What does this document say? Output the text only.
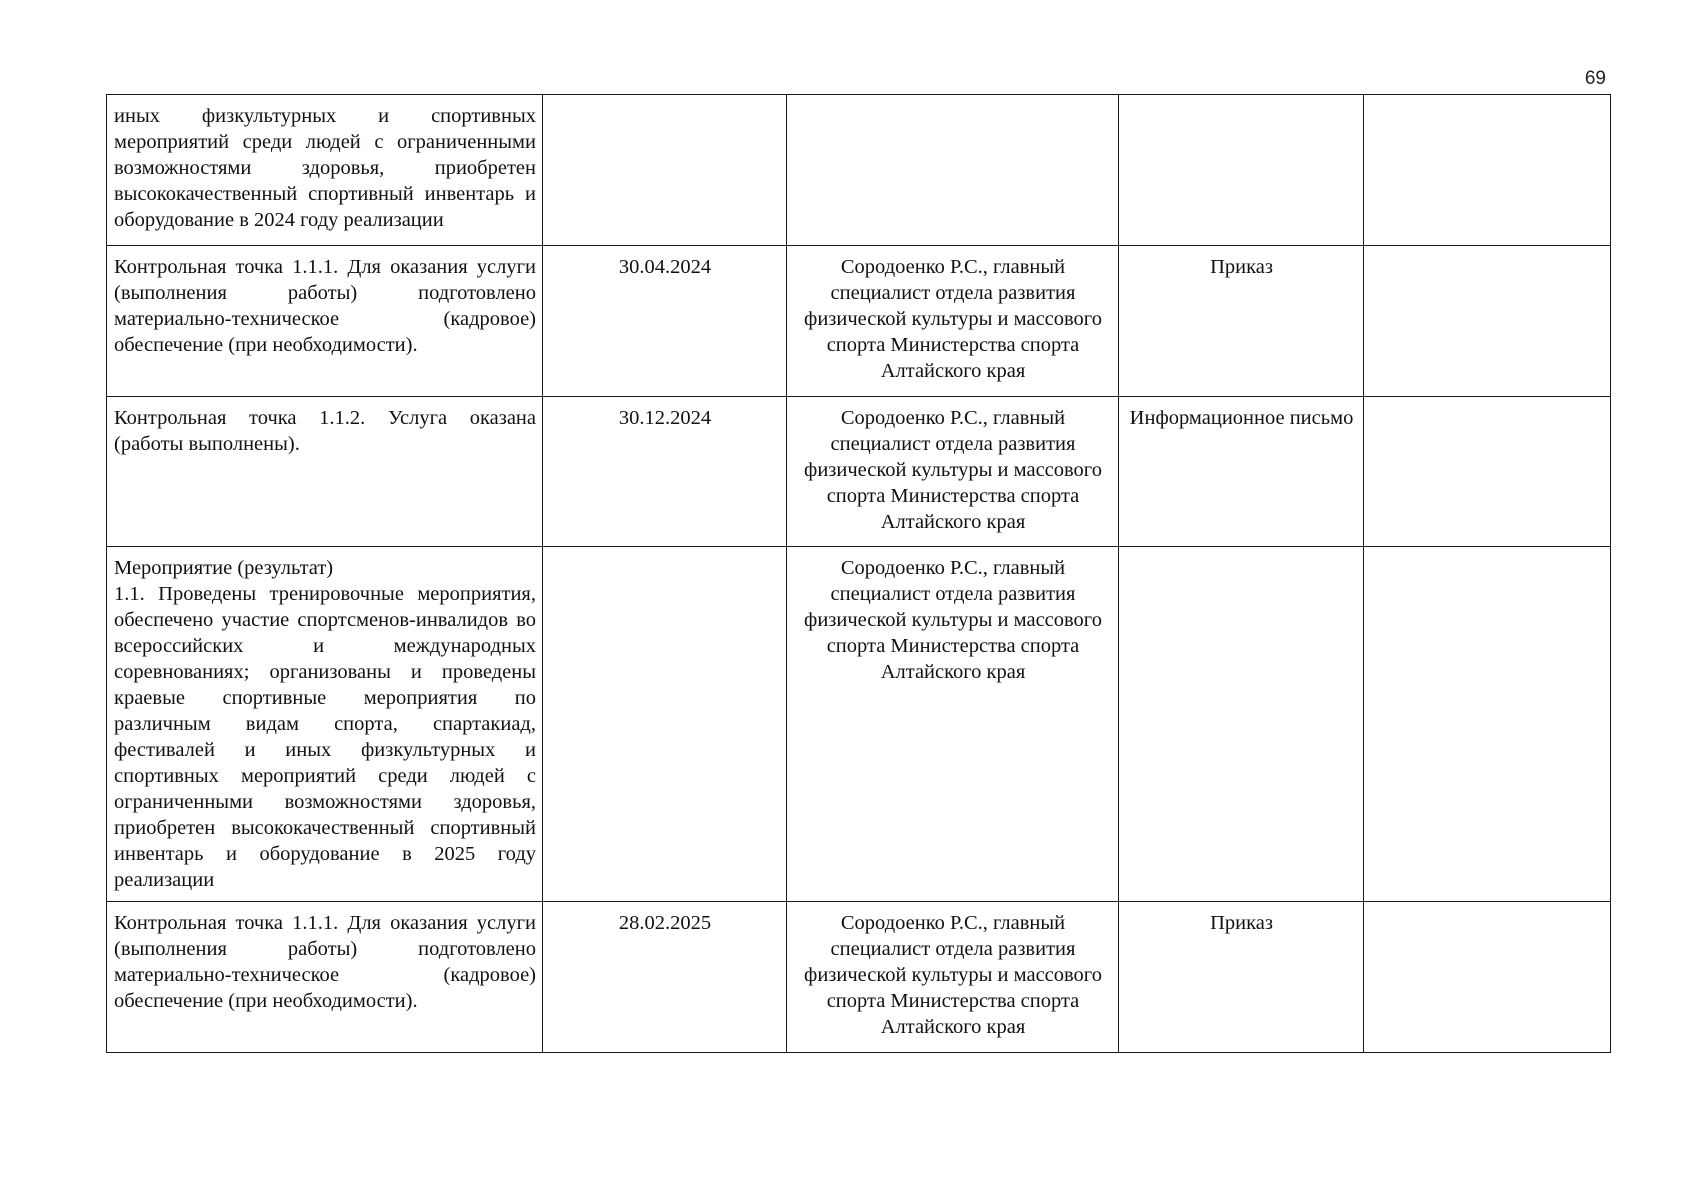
69
иных физкультурных и спортивных мероприятий среди людей с ограниченными возможностями здоровья, приобретен высококачественный спортивный инвентарь и оборудование в 2024 году реализации				
Контрольная точка 1.1.1. Для оказания услуги (выполнения работы) подготовлено материально-техническое (кадровое) обеспечение (при необходимости).	30.04.2024	Сородоенко Р.С., главный специалист отдела развития физической культуры и массового спорта Министерства спорта Алтайского края	Приказ	
Контрольная точка 1.1.2. Услуга оказана (работы выполнены).	30.12.2024	Сородоенко Р.С., главный специалист отдела развития физической культуры и массового спорта Министерства спорта Алтайского края	Информационное письмо	

Мероприятие (результат)
1.1. Проведены тренировочные мероприятия, обеспечено участие спортсменов-инвалидов во всероссийских и международных соревнованиях; организованы и проведены краевые спортивные мероприятия по различным видам спорта, спартакиад, фестивалей и иных физкультурных и спортивных мероприятий среди людей с ограниченными возможностями здоровья, приобретен высококачественный спортивный инвентарь и оборудование в 2025 году реализации		Сородоенко Р.С., главный специалист отдела развития физической культуры и массового спорта Министерства спорта Алтайского края		
Контрольная точка 1.1.1. Для оказания услуги (выполнения работы) подготовлено материально-техническое (кадровое) обеспечение (при необходимости).	28.02.2025	Сородоенко Р.С., главный специалист отдела развития физической культуры и массового спорта Министерства спорта Алтайского края	Приказ	
